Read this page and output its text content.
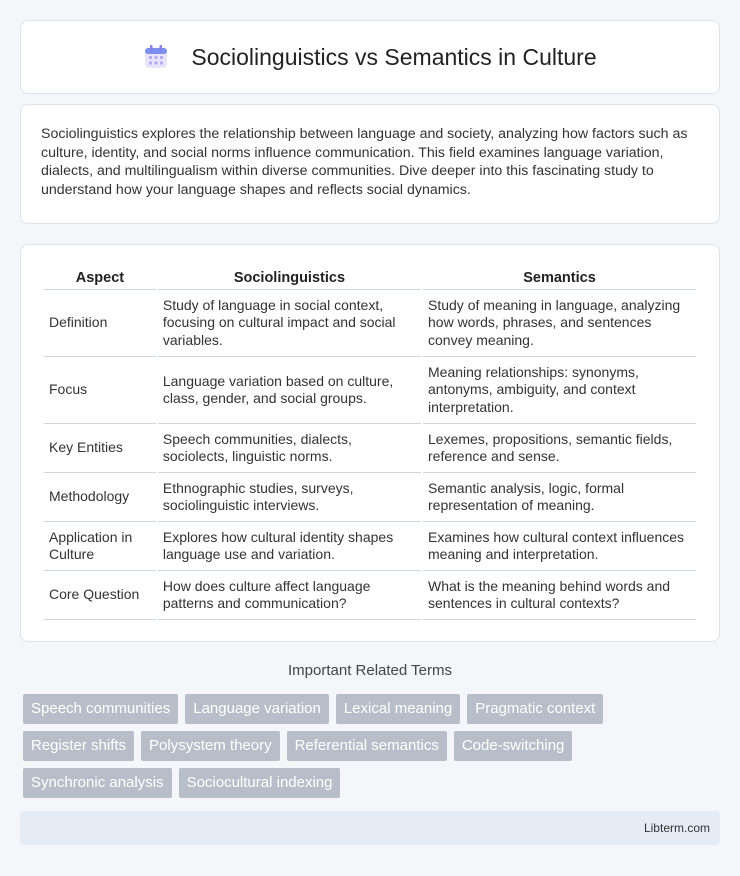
Sociolinguistics vs Semantics in Culture

Sociolinguistics explores the relationship between language and society, analyzing how factors such as culture, identity, and social norms influence communication. This field examines language variation, dialects, and multilingualism within diverse communities. Dive deeper into this fascinating study to understand how your language shapes and reflects social dynamics.

Aspect	Sociolinguistics	Semantics
Definition	Study of language in social context, focusing on cultural impact and social variables.	Study of meaning in language, analyzing how words, phrases, and sentences convey meaning.
Focus	Language variation based on culture, class, gender, and social groups.	Meaning relationships: synonyms, antonyms, ambiguity, and context interpretation.
Key Entities	Speech communities, dialects, sociolects, linguistic norms.	Lexemes, propositions, semantic fields, reference and sense.
Methodology	Ethnographic studies, surveys, sociolinguistic interviews.	Semantic analysis, logic, formal representation of meaning.
Application in Culture	Explores how cultural identity shapes language use and variation.	Examines how cultural context influences meaning and interpretation.
Core Question	How does culture affect language patterns and communication?	What is the meaning behind words and sentences in cultural contexts?
Important Related Terms
Speech communities	Language variation	Lexical meaning	Pragmatic context
Register shifts	Polysystem theory	Referential semantics	Code-switching
Synchronic analysis	Sociocultural indexing
Libterm.com
